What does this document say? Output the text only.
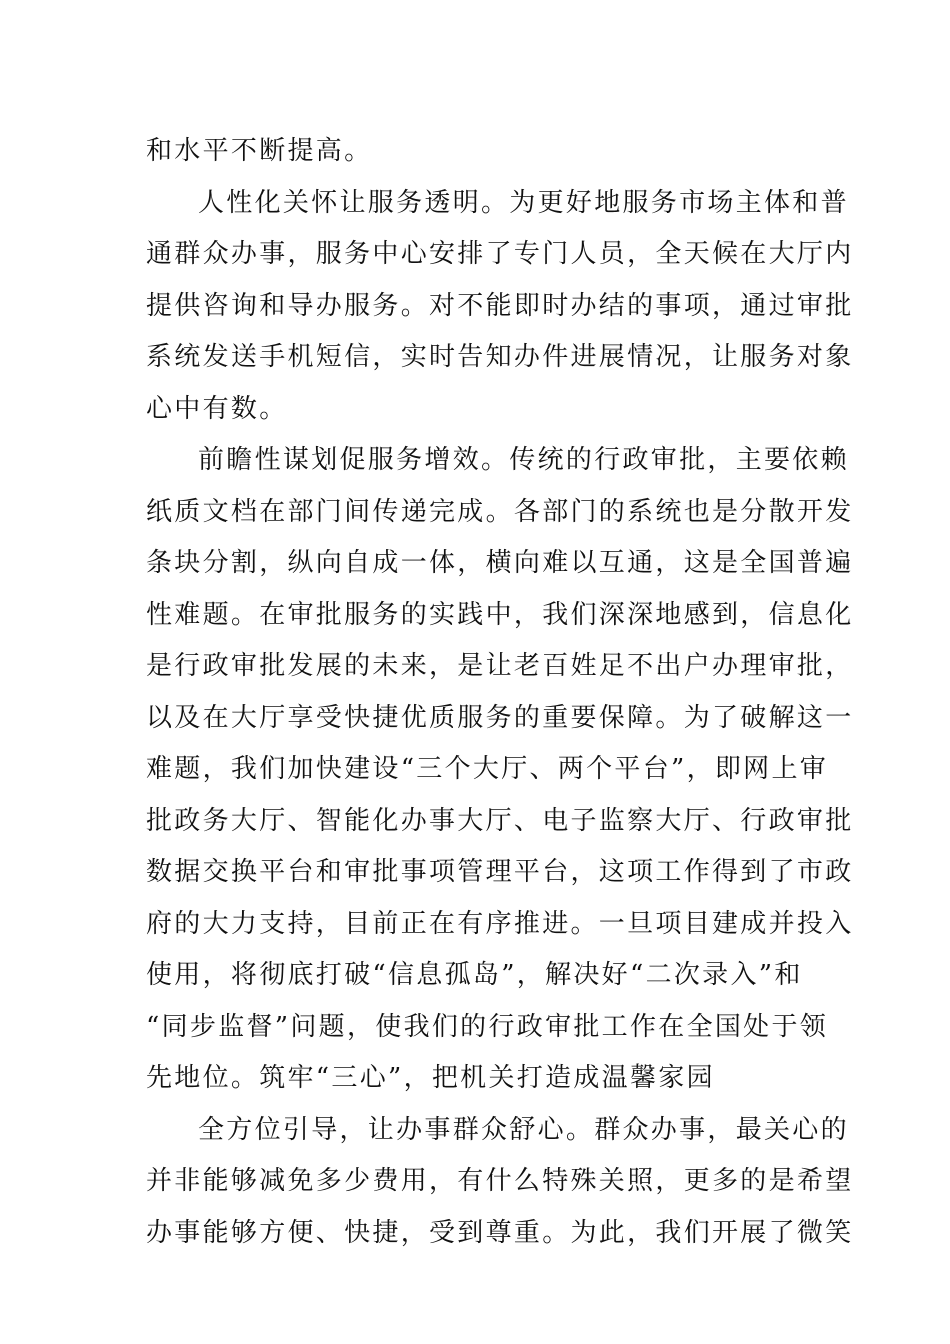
和水平不断提高。
人性化关怀让服务透明。为更好地服务市场主体和普
通群众办事，服务中心安排了专门人员，全天候在大厅内
提供咨询和导办服务。对不能即时办结的事项，通过审批
系统发送手机短信，实时告知办件进展情况，让服务对象
心中有数。
前瞻性谋划促服务增效。传统的行政审批，主要依赖
纸质文档在部门间传递完成。各部门的系统也是分散开发
条块分割，纵向自成一体，横向难以互通，这是全国普遍
性难题。在审批服务的实践中，我们深深地感到，信息化
是行政审批发展的未来，是让老百姓足不出户办理审批，
以及在大厅享受快捷优质服务的重要保障。为了破解这一
难题，我们加快建设“三个大厅、两个平台”，即网上审
批政务大厅、智能化办事大厅、电子监察大厅、行政审批
数据交换平台和审批事项管理平台，这项工作得到了市政
府的大力支持，目前正在有序推进。一旦项目建成并投入
使用，将彻底打破“信息孤岛”，解决好“二次录入”和
“同步监督”问题，使我们的行政审批工作在全国处于领
先地位。筑牢“三心”，把机关打造成温馨家园
全方位引导，让办事群众舒心。群众办事，最关心的
并非能够减免多少费用，有什么特殊关照，更多的是希望
办事能够方便、快捷，受到尊重。为此，我们开展了微笑
